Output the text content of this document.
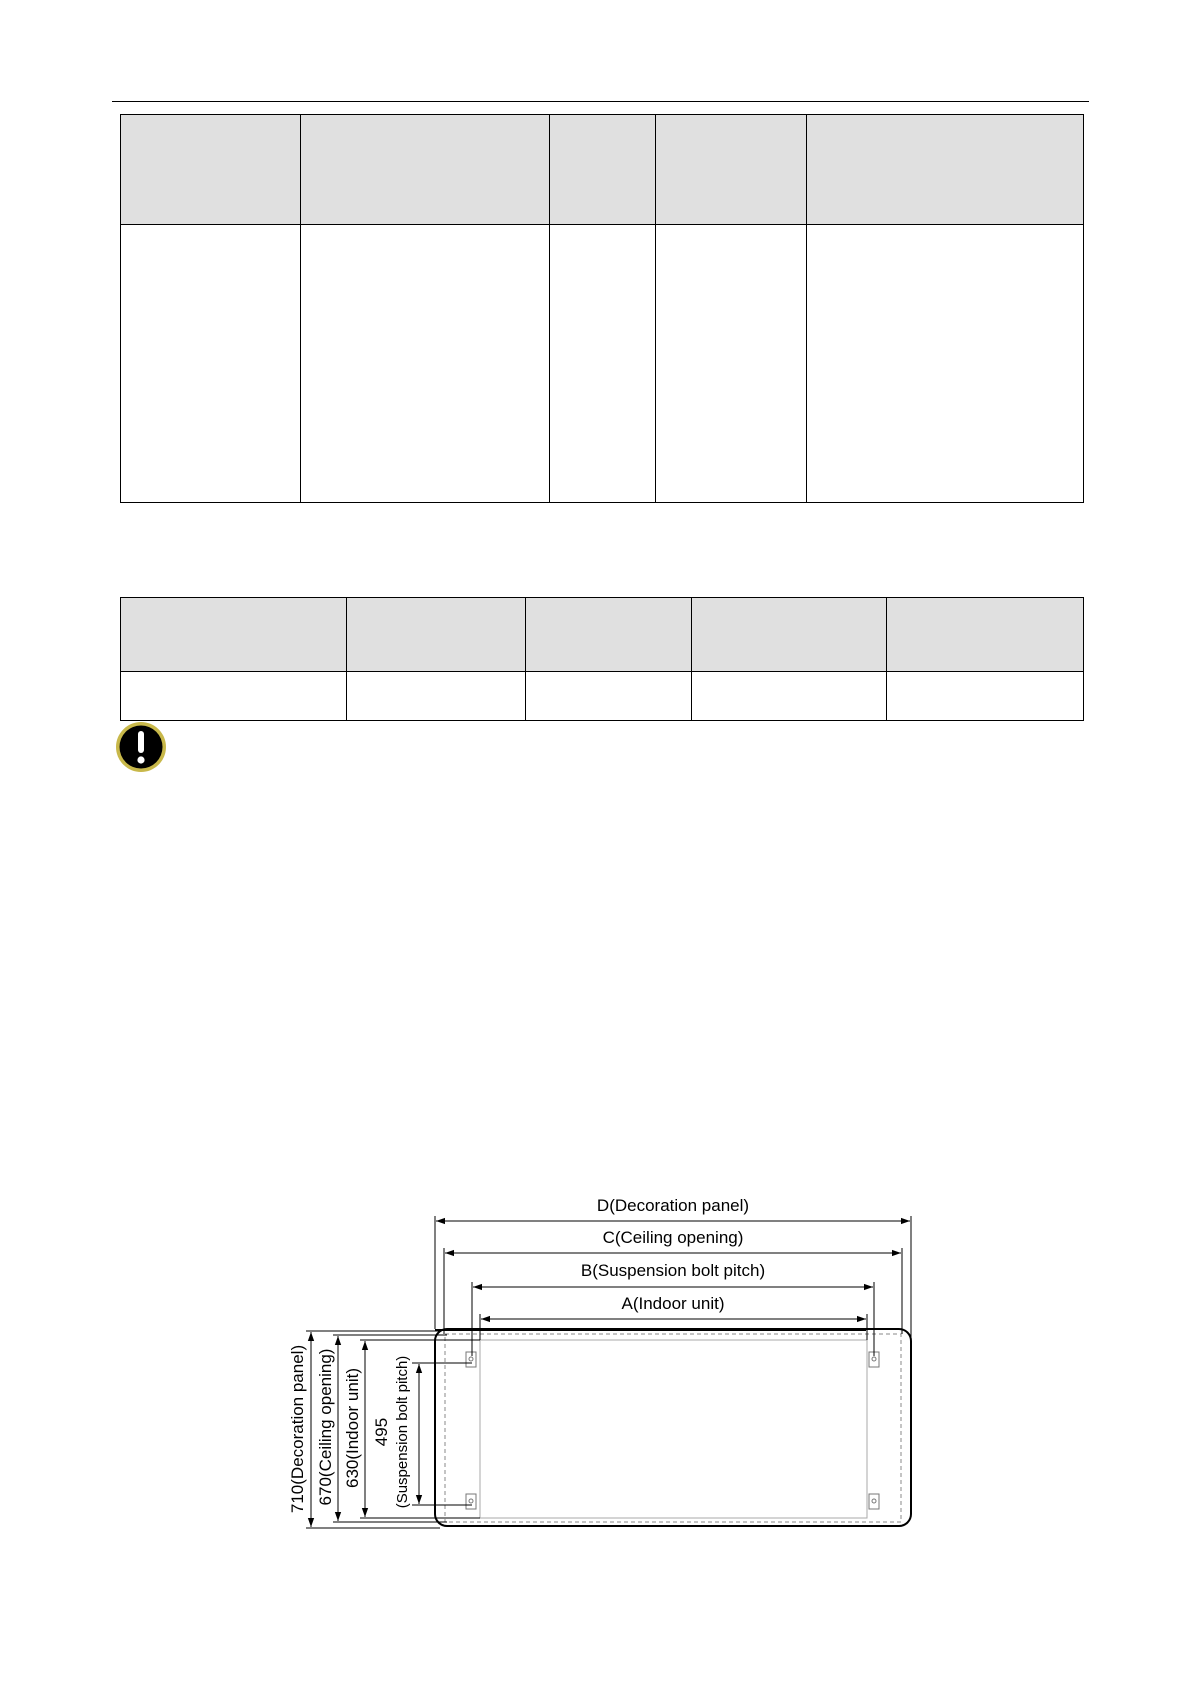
D(Decoration panel)
C(Ceiling opening)
B(Suspension bolt pitch)
A(Indoor unit)
710(Decoration panel) 670(Ceiling opening) 630(Indoor unit) 495 (Suspension bolt pitch)
